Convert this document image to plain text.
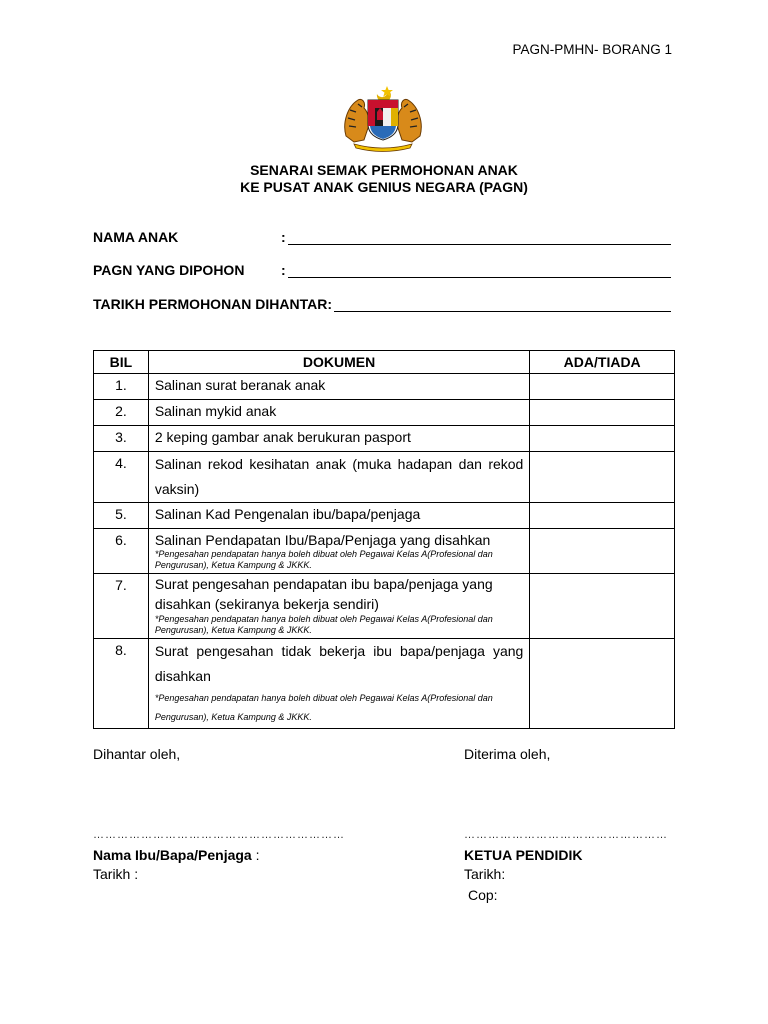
PAGN-PMHN- BORANG 1
SENARAI SEMAK PERMOHONAN ANAK
KE PUSAT ANAK GENIUS NEGARA (PAGN)
NAMA ANAK	:
PAGN YANG DIPOHON	:
TARIKH PERMOHONAN DIHANTAR:
BIL	DOKUMEN	ADA/TIADA

1.	Salinan surat beranak anak	

2.	Salinan mykid anak	

3.	2 keping gambar anak berukuran pasport	

4.	Salinan rekod kesihatan anak (muka hadapan dan rekod vaksin)	

5.	Salinan Kad Pengenalan ibu/bapa/penjaga	

6.	Salinan Pendapatan Ibu/Bapa/Penjaga yang disahkan
*Pengesahan pendapatan hanya boleh dibuat oleh Pegawai Kelas A(Profesional dan Pengurusan), Ketua Kampung & JKKK.	

7.	Surat pengesahan pendapatan ibu bapa/penjaga yang disahkan (sekiranya bekerja sendiri)
*Pengesahan pendapatan hanya boleh dibuat oleh Pegawai Kelas A(Profesional dan Pengurusan), Ketua Kampung & JKKK.	

8.	Surat pengesahan tidak bekerja ibu bapa/penjaga yang disahkan
*Pengesahan pendapatan hanya boleh dibuat oleh Pegawai Kelas A(Profesional dan Pengurusan), Ketua Kampung & JKKK.	

Dihantar oleh,	Diterima oleh,
………………………………………………………	……………………………………………
Nama Ibu/Bapa/Penjaga :	KETUA PENDIDIK
Tarikh :	Tarikh:
Cop:
